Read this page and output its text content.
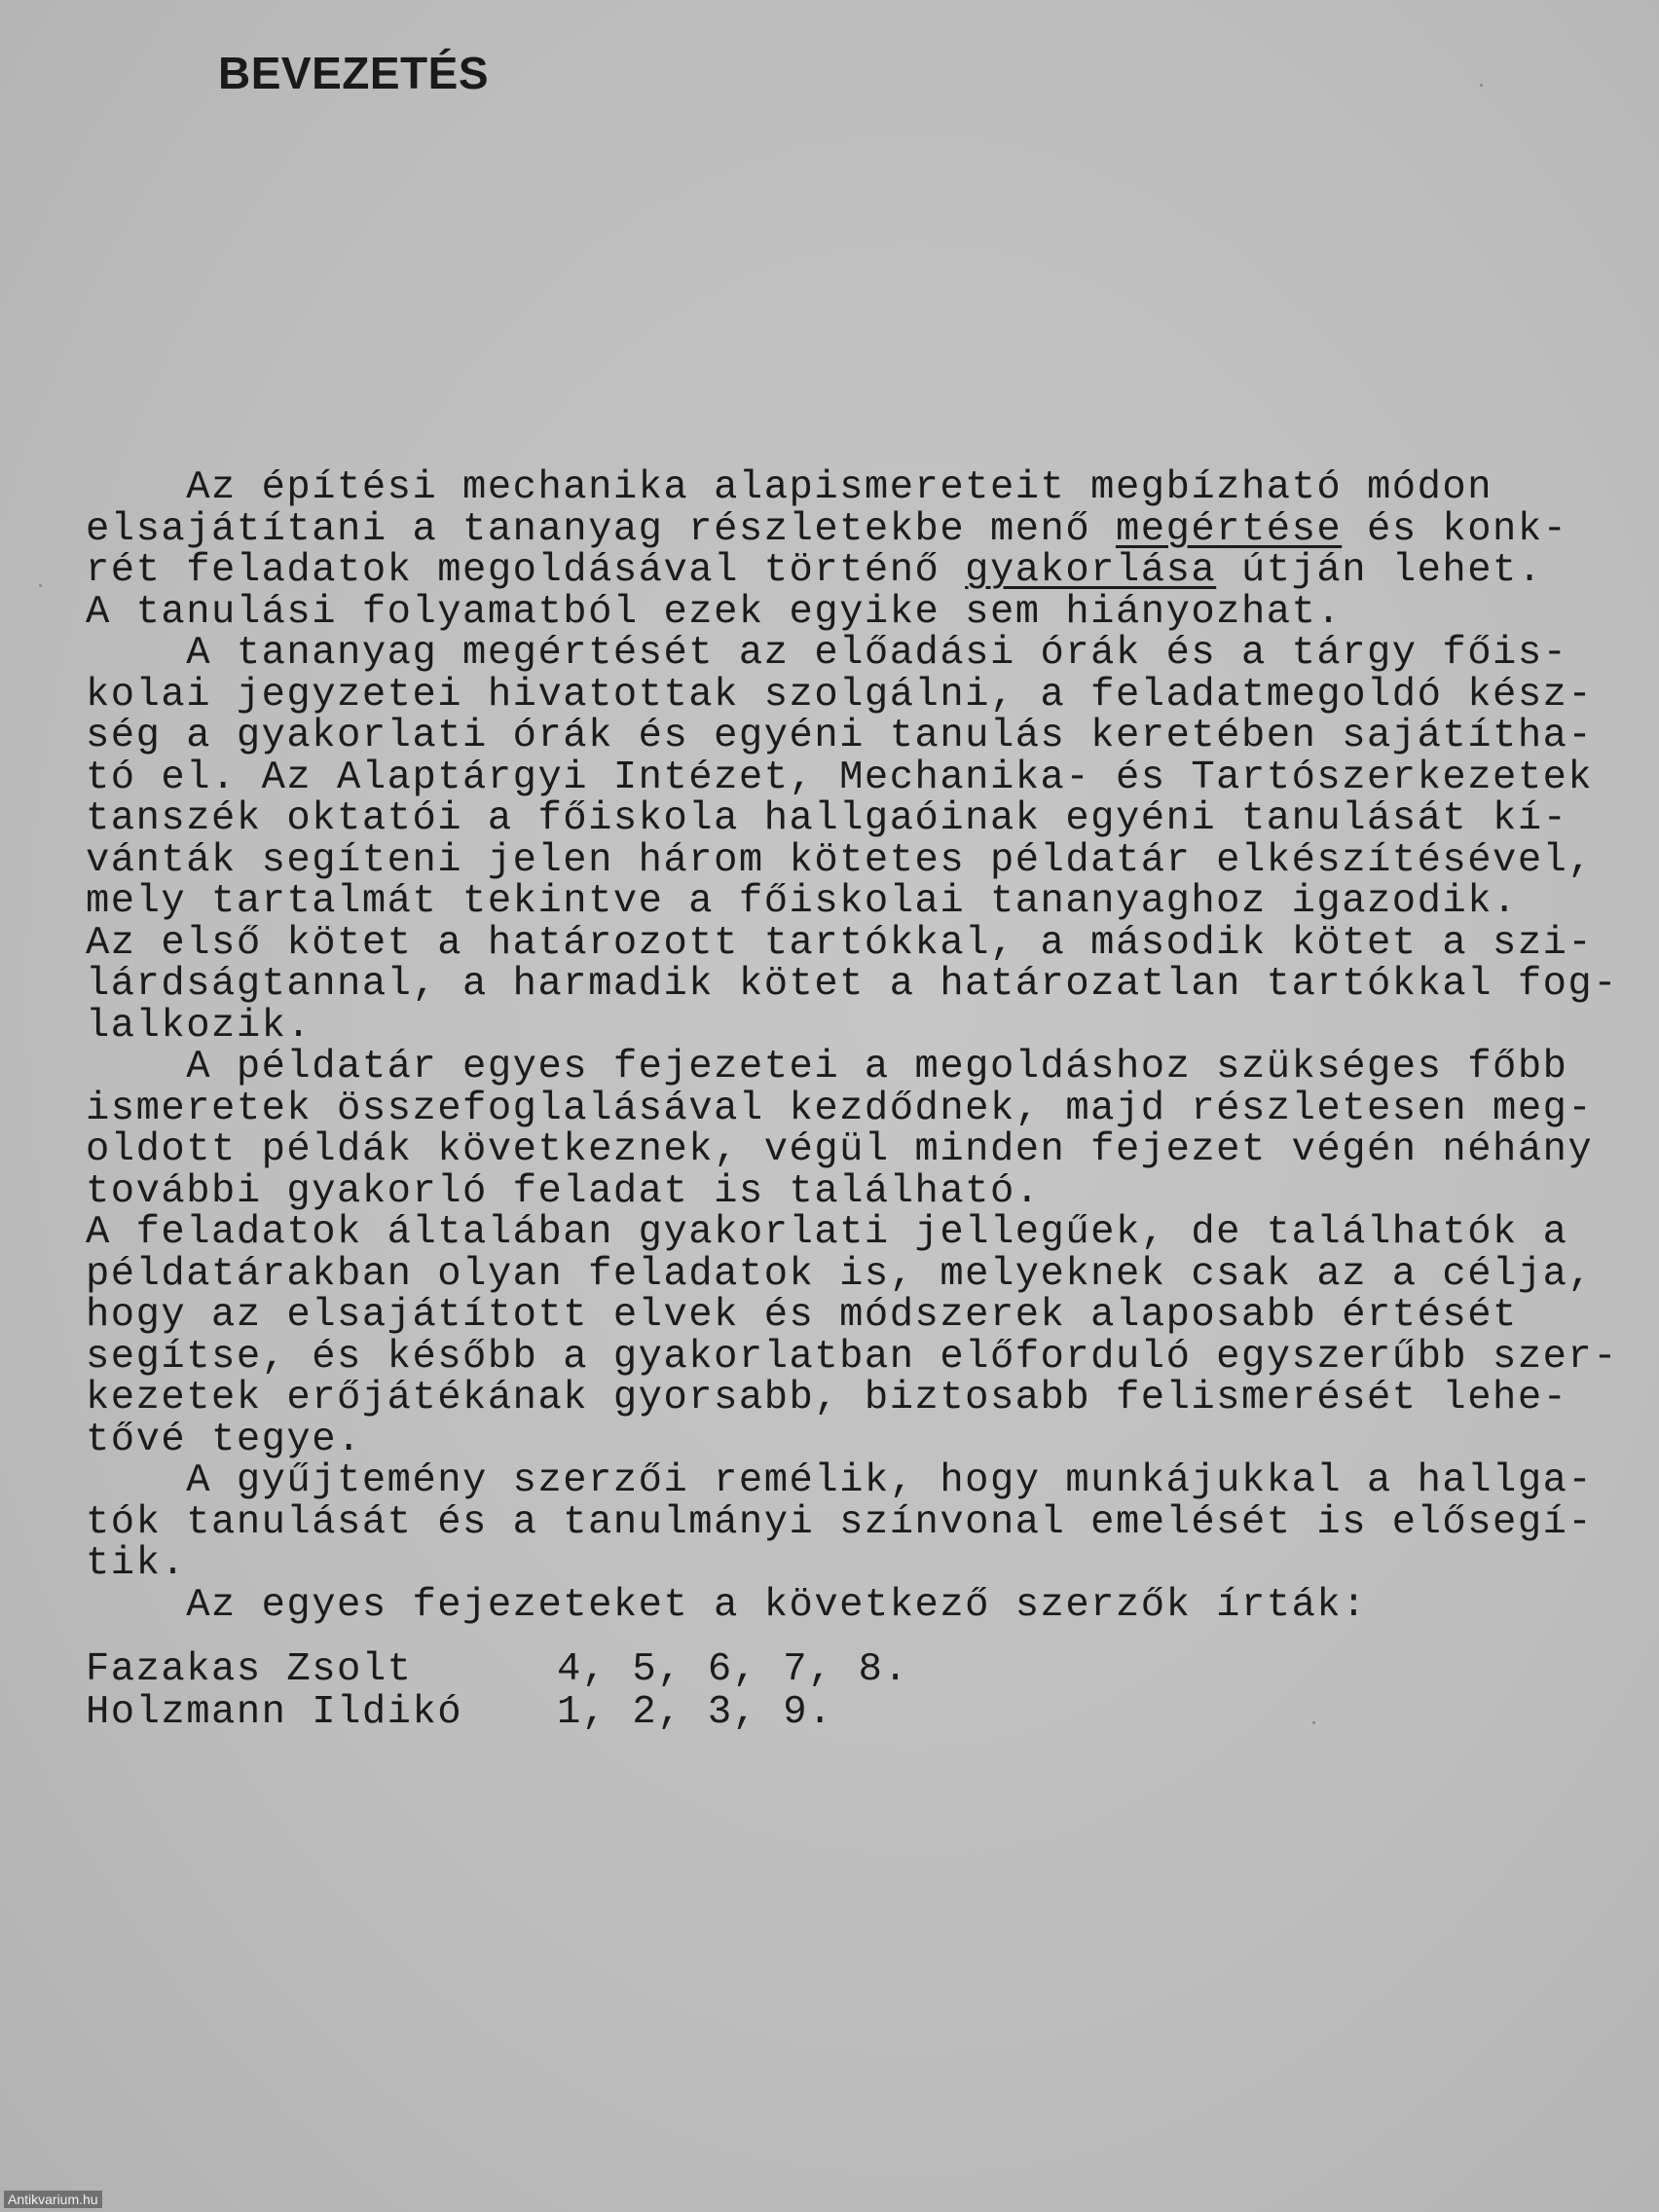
BEVEZETÉS
Az építési mechanika alapismereteit megbízható módon
elsajátítani a tananyag részletekbe menő megértése és konk-
rét feladatok megoldásával történő gyakorlása útján lehet.
A tanulási folyamatból ezek egyike sem hiányozhat.
A tananyag megértését az előadási órák és a tárgy főis-
kolai jegyzetei hivatottak szolgálni, a feladatmegoldó kész-
ség a gyakorlati órák és egyéni tanulás keretében sajátítha-
tó el. Az Alaptárgyi Intézet, Mechanika- és Tartószerkezetek
tanszék oktatói a főiskola hallgaóinak egyéni tanulását kí-
vánták segíteni jelen három kötetes példatár elkészítésével,
mely tartalmát tekintve a főiskolai tananyaghoz igazodik.
Az első kötet a határozott tartókkal, a második kötet a szi-
lárdságtannal, a harmadik kötet a határozatlan tartókkal fog-
lalkozik.
A példatár egyes fejezetei a megoldáshoz szükséges főbb
ismeretek összefoglalásával kezdődnek, majd részletesen meg-
oldott példák következnek, végül minden fejezet végén néhány
további gyakorló feladat is található.
A feladatok általában gyakorlati jellegűek, de találhatók a
példatárakban olyan feladatok is, melyeknek csak az a célja,
hogy az elsajátított elvek és módszerek alaposabb értését
segítse, és később a gyakorlatban előforduló egyszerűbb szer-
kezetek erőjátékának gyorsabb, biztosabb felismerését lehe-
tővé tegye.
A gyűjtemény szerzői remélik, hogy munkájukkal a hallga-
tók tanulását és a tanulmányi színvonal emelését is elősegí-
tik.
Az egyes fejezeteket a következő szerzők írták:
Fazakas Zsolt	4, 5, 6, 7, 8.
Holzmann Ildikó	1, 2, 3, 9.
Antikvarium.hu
